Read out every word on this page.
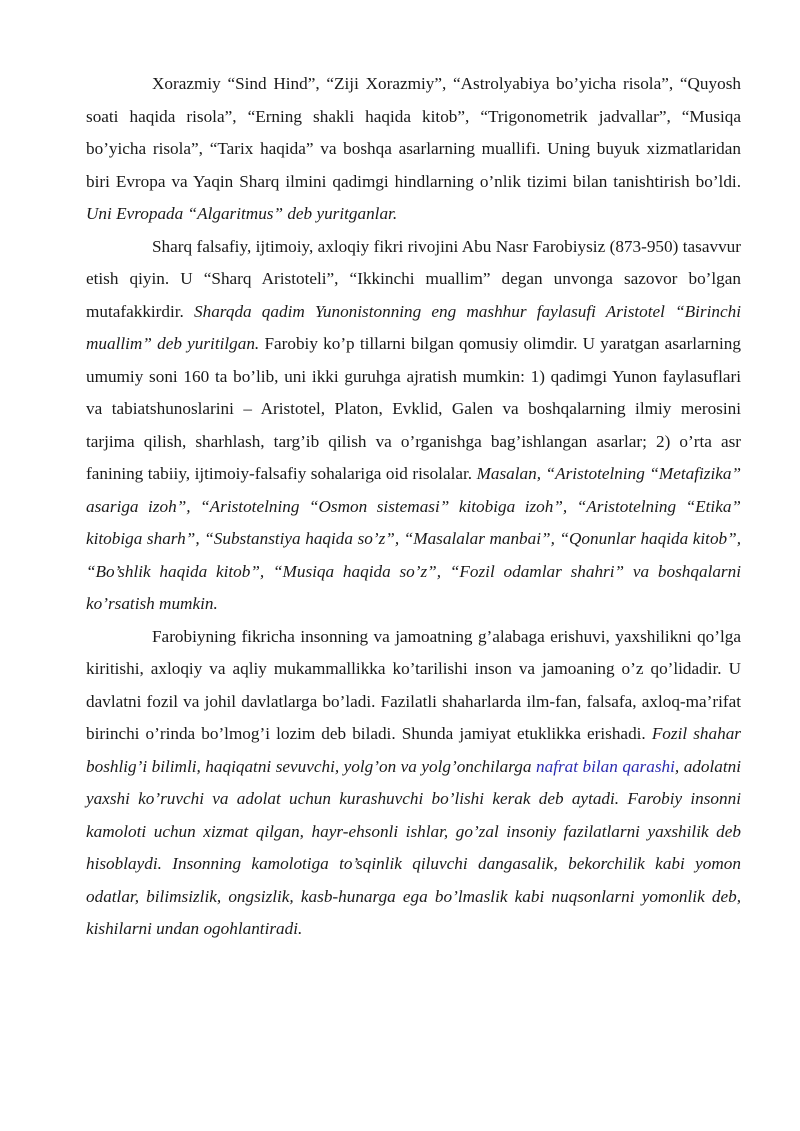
Xorazmiy “Sind Hind”, “Ziji Xorazmiy”, “Astrolyabiya bo’yicha risola”, “Quyosh soati haqida risola”, “Erning shakli haqida kitob”, “Trigonometrik jadvallar”, “Musiqa bo’yicha risola”, “Tarix haqida” va boshqa asarlarning muallifi. Uning buyuk xizmatlaridan biri Evropa va Yaqin Sharq ilmini qadimgi hindlarning o’nlik tizimi bilan tanishtirish bo’ldi. Uni Evropada “Algaritmus” deb yuritganlar.

Sharq falsafiy, ijtimoiy, axloqiy fikri rivojini Abu Nasr Farobiysiz (873-950) tasavvur etish qiyin. U “Sharq Aristoteli”, “Ikkinchi muallim” degan unvonga sazovor bo’lgan mutafakkirdir. Sharqda qadim Yunonistonning eng mashhur faylasufi Aristotel “Birinchi muallim” deb yuritilgan. Farobiy ko’p tillarni bilgan qomusiy olimdir. U yaratgan asarlarning umumiy soni 160 ta bo’lib, uni ikki guruhga ajratish mumkin: 1) qadimgi Yunon faylasuflari va tabiatshunoslarini – Aristotel, Platon, Evklid, Galen va boshqalarning ilmiy merosini tarjima qilish, sharhlash, targ’ib qilish va o’rganishga bag’ishlangan asarlar; 2) o’rta asr fanining tabiiy, ijtimoiy-falsafiy sohalariga oid risolalar. Masalan, “Aristotelning “Metafizika” asariga izoh”, “Aristotelning “Osmon sistemasi” kitobiga izoh”, “Aristotelning “Etika” kitobiga sharh”, “Substanstiya haqida so’z”, “Masalalar manbai”, “Qonunlar haqida kitob”, “Bo’shlik haqida kitob”, “Musiqa haqida so’z”, “Fozil odamlar shahri” va boshqalarni ko’rsatish mumkin.

Farobiyning fikricha insonning va jamoatning g’alabaga erishuvi, yaxshilikni qo’lga kiritishi, axloqiy va aqliy mukammallikka ko’tarilishi inson va jamoaning o’z qo’lidadir. U davlatni fozil va johil davlatlarga bo’ladi. Fazilatli shaharlarda ilm-fan, falsafa, axloq-ma’rifat birinchi o’rinda bo’lmog’i lozim deb biladi. Shunda jamiyat etuklikka erishadi. Fozil shahar boshlig’i bilimli, haqiqatni sevuvchi, yolg’on va yolg’onchilarga nafrat bilan qarashi, adolatni yaxshi ko’ruvchi va adolat uchun kurashuvchi bo’lishi kerak deb aytadi. Farobiy insonni kamoloti uchun xizmat qilgan, hayr-ehsonli ishlar, go’zal insoniy fazilatlarni yaxshilik deb hisoblaydi. Insonning kamolotiga to’sqinlik qiluvchi dangasalik, bekorchilik kabi yomon odatlar, bilimsizlik, ongsizlik, kasb-hunarga ega bo’lmaslik kabi nuqsonlarni yomonlik deb, kishilarni undan ogohlantiradi.
